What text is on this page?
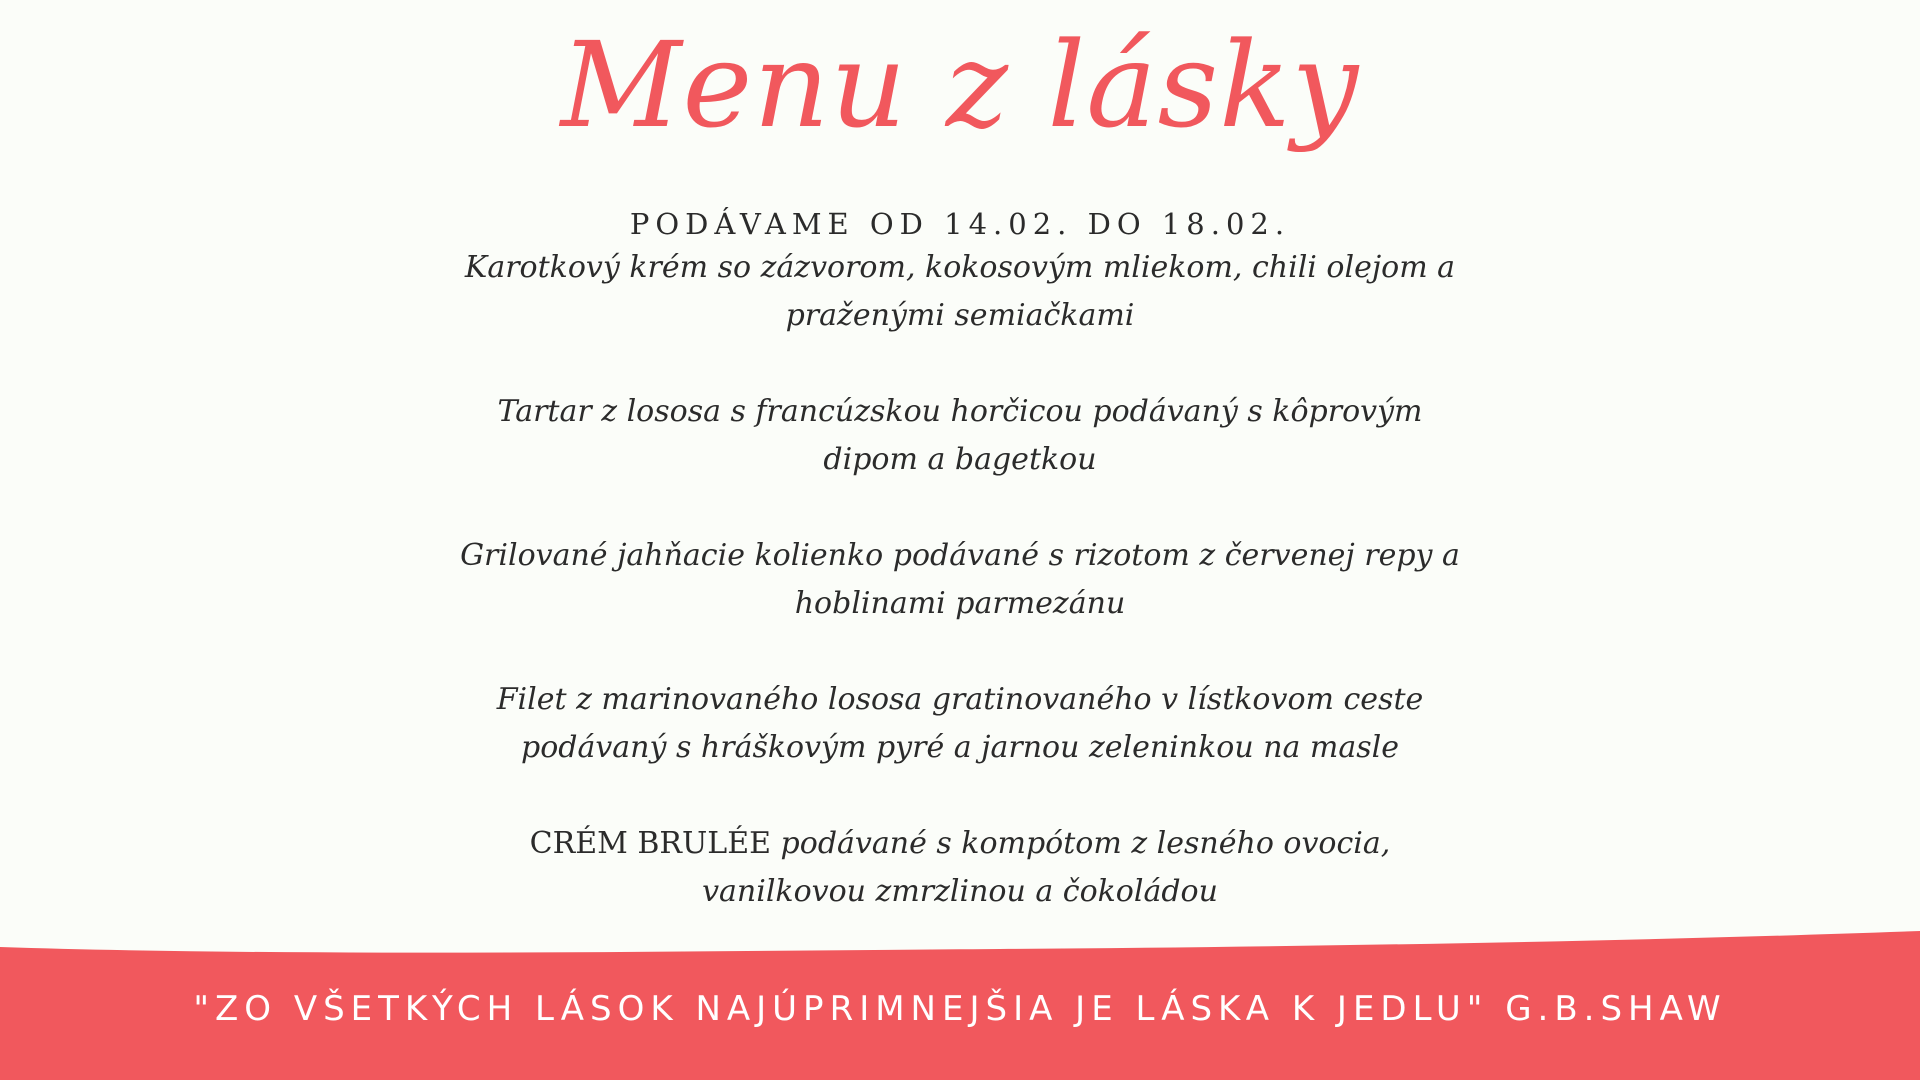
Menu z lásky
PODÁVAME OD 14.02. DO 18.02.
Karotkový krém so zázvorom, kokosovým mliekom, chili olejom a
praženými semiačkami
Tartar z lososa s francúzskou horčicou podávaný s kôprovým
dipom a bagetkou
Grilované jahňacie kolienko podávané s rizotom z červenej repy a
hoblinami parmezánu
Filet z marinovaného lososa gratinovaného v lístkovom ceste
podávaný s hráškovým pyré a jarnou zeleninkou na masle
CRÉM BRULÉE podávané s kompótom z lesného ovocia,
vanilkovou zmrzlinou a čokoládou
"ZO VŠETKÝCH LÁSOK NAJÚPRIMNEJŠIA JE LÁSKA K JEDLU" G.B.SHAW
